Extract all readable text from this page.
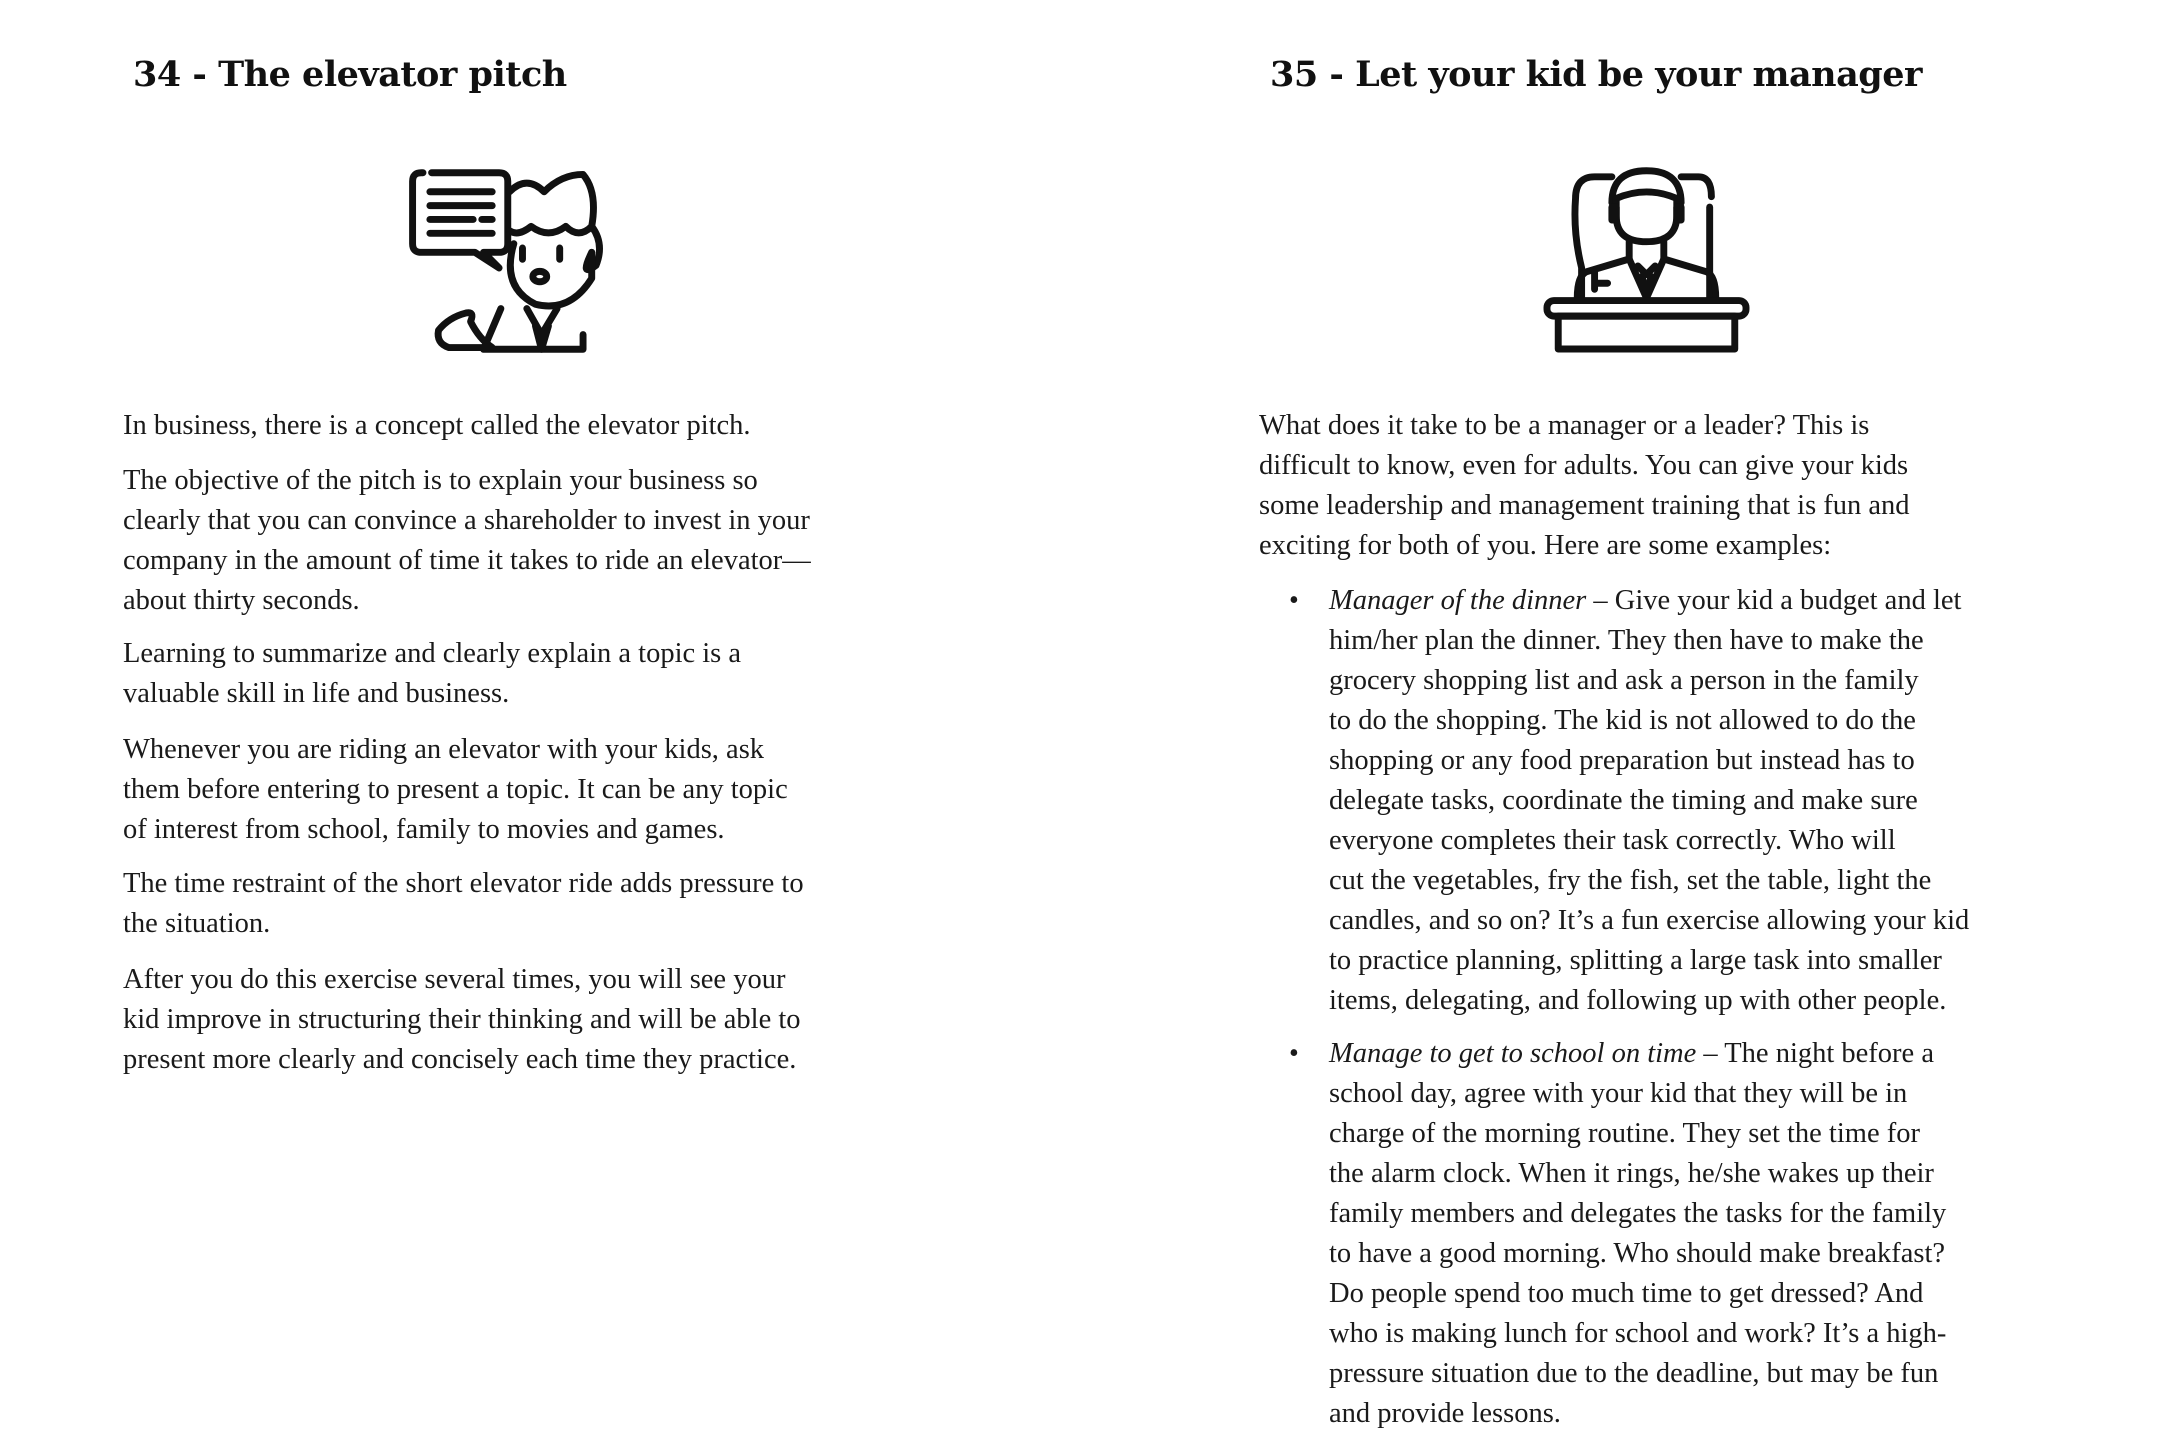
34 - The elevator pitch
In business, there is a concept called the elevator pitch.
The objective of the pitch is to explain your business so
clearly that you can convince a shareholder to invest in your
company in the amount of time it takes to ride an elevator—
about thirty seconds.
Learning to summarize and clearly explain a topic is a
valuable skill in life and business.
Whenever you are riding an elevator with your kids, ask
them before entering to present a topic. It can be any topic
of interest from school, family to movies and games.
The time restraint of the short elevator ride adds pressure to
the situation.
After you do this exercise several times, you will see your
kid improve in structuring their thinking and will be able to
present more clearly and concisely each time they practice.
35 - Let your kid be your manager
What does it take to be a manager or a leader? This is
difficult to know, even for adults. You can give your kids
some leadership and management training that is fun and
exciting for both of you. Here are some examples:
• Manager of the dinner – Give your kid a budget and let
him/her plan the dinner. They then have to make the
grocery shopping list and ask a person in the family
to do the shopping. The kid is not allowed to do the
shopping or any food preparation but instead has to
delegate tasks, coordinate the timing and make sure
everyone completes their task correctly. Who will
cut the vegetables, fry the fish, set the table, light the
candles, and so on? It’s a fun exercise allowing your kid
to practice planning, splitting a large task into smaller
items, delegating, and following up with other people.
• Manage to get to school on time – The night before a
school day, agree with your kid that they will be in
charge of the morning routine. They set the time for
the alarm clock. When it rings, he/she wakes up their
family members and delegates the tasks for the family
to have a good morning. Who should make breakfast?
Do people spend too much time to get dressed? And
who is making lunch for school and work? It’s a high-
pressure situation due to the deadline, but may be fun
and provide lessons.
